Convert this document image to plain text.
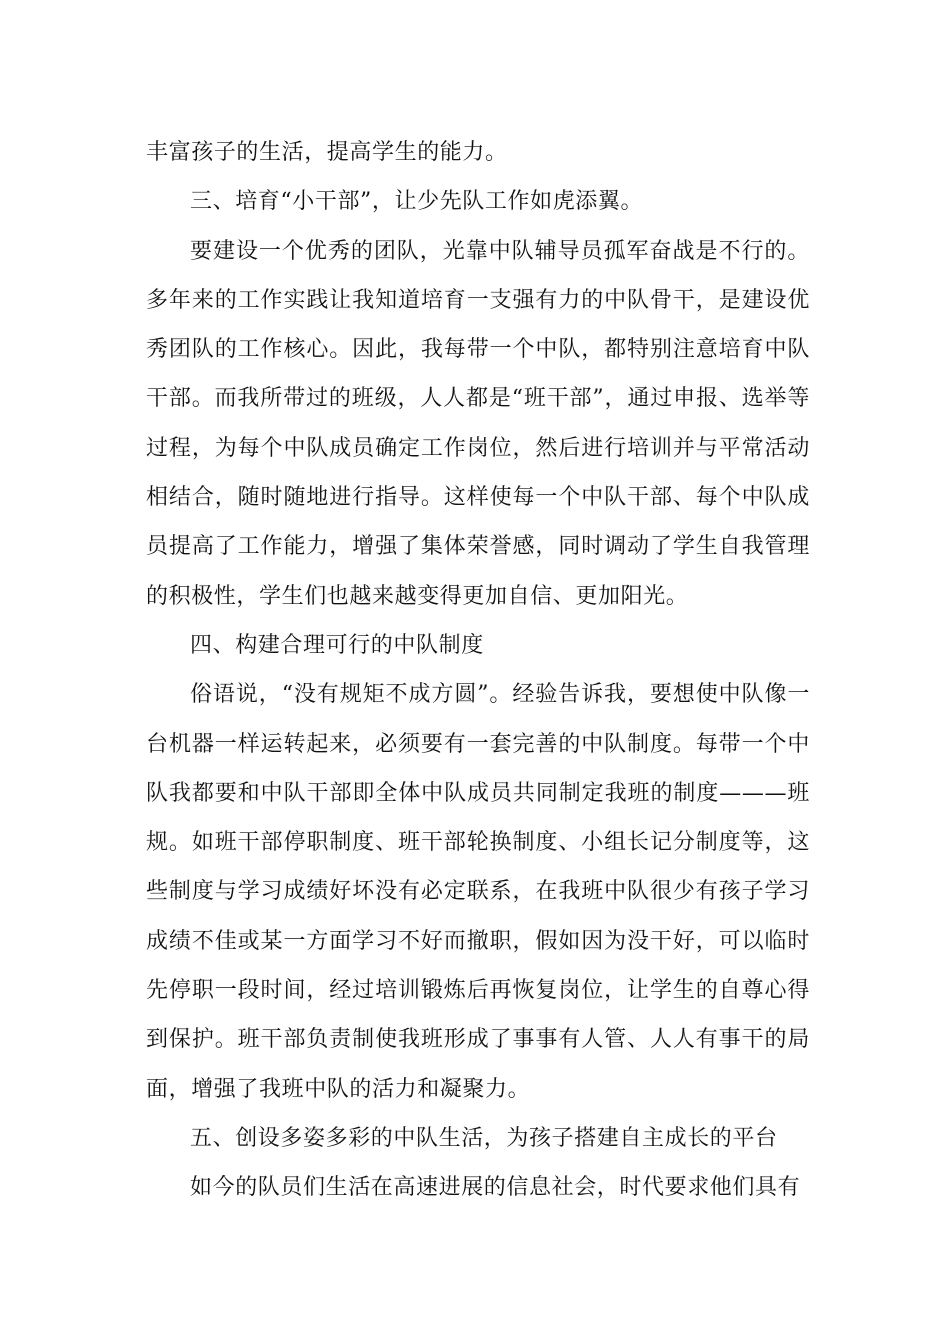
丰富孩子的生活，提高学生的能力。

三、培育“小干部”，让少先队工作如虎添翼。

要建设一个优秀的团队，光靠中队辅导员孤军奋战是不行的。多年来的工作实践让我知道培育一支强有力的中队骨干，是建设优秀团队的工作核心。因此，我每带一个中队，都特别注意培育中队干部。而我所带过的班级，人人都是“班干部”，通过申报、选举等过程，为每个中队成员确定工作岗位，然后进行培训并与平常活动相结合，随时随地进行指导。这样使每一个中队干部、每个中队成员提高了工作能力，增强了集体荣誉感，同时调动了学生自我管理的积极性，学生们也越来越变得更加自信、更加阳光。

四、构建合理可行的中队制度

俗语说，“没有规矩不成方圆”。经验告诉我，要想使中队像一台机器一样运转起来，必须要有一套完善的中队制度。每带一个中队我都要和中队干部即全体中队成员共同制定我班的制度———班规。如班干部停职制度、班干部轮换制度、小组长记分制度等，这些制度与学习成绩好坏没有必定联系，在我班中队很少有孩子学习成绩不佳或某一方面学习不好而撤职，假如因为没干好，可以临时先停职一段时间，经过培训锻炼后再恢复岗位，让学生的自尊心得到保护。班干部负责制使我班形成了事事有人管、人人有事干的局面，增强了我班中队的活力和凝聚力。

五、创设多姿多彩的中队生活，为孩子搭建自主成长的平台

如今的队员们生活在高速进展的信息社会，时代要求他们具有
